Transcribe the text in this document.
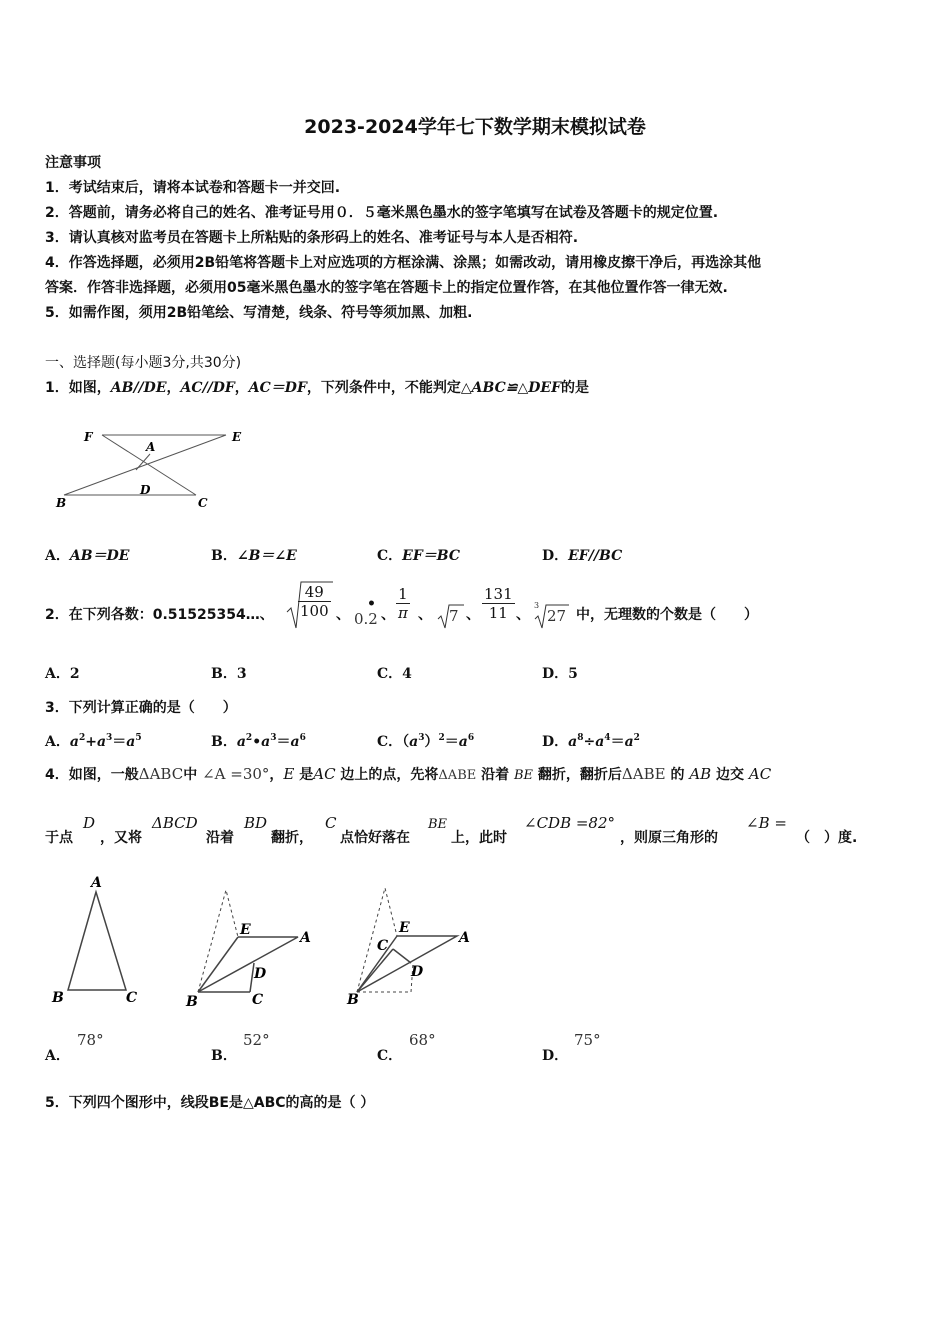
2023-2024学年七下数学期末模拟试卷
注意事项
1．考试结束后，请将本试卷和答题卡一并交回.
2．答题前，请务必将自己的姓名、准考证号用０．５毫米黑色墨水的签字笔填写在试卷及答题卡的规定位置.
3．请认真核对监考员在答题卡上所粘贴的条形码上的姓名、准考证号与本人是否相符.
4．作答选择题，必须用2B铅笔将答题卡上对应选项的方框涂满、涂黑；如需改动，请用橡皮擦干净后，再选涂其他
答案．作答非选择题，必须用05毫米黑色墨水的签字笔在答题卡上的指定位置作答，在其他位置作答一律无效.
5．如需作图，须用2B铅笔绘、写清楚，线条、符号等须加黑、加粗.
一、选择题(每小题3分,共30分)
1．如图，AB//DE，AC//DF，AC＝DF，下列条件中，不能判定△ABC≌△DEF的是
F
A
E
D
B	C
A．AB＝DE	B．∠B＝∠E	C．EF＝BC	D．EF//BC
2．在下列各数：0.51525354…、 $\frac{49}{100}$ 、
•
0.2 、 $\frac{1}{\pi}$ 、 7 、 $\frac{131}{11}$ 、
3
27 中，无理数的个数是（　　）
A．2	B．3	C．4	D．5
3．下列计算正确的是（　　）
A．$a^2+a^3=a^5$	B．$a^2•a^3=a^6$	C．$(a^3)^2=a^6$	D．$a^8\div a^4=a^2$
4．如图，一般ΔABC中 ∠A =30°，E 是AC 边上的点，先将ΔABE 沿着 BE 翻折，翻折后ΔABE 的 AB 边交 AC
于点
D
，又将
ΔBCD
沿着
BD
翻折，
C
点恰好落在
BE
上，此时
∠CDB =82°
，则原三角形的
∠B =
（　）度.
A
B	C
E	A
D
B	C
E
A
C
D
B
A．
78°
B．
52°
C．
68°
D．
75°
5．下列四个图形中，线段BE是△ABC的高的是（ ）
